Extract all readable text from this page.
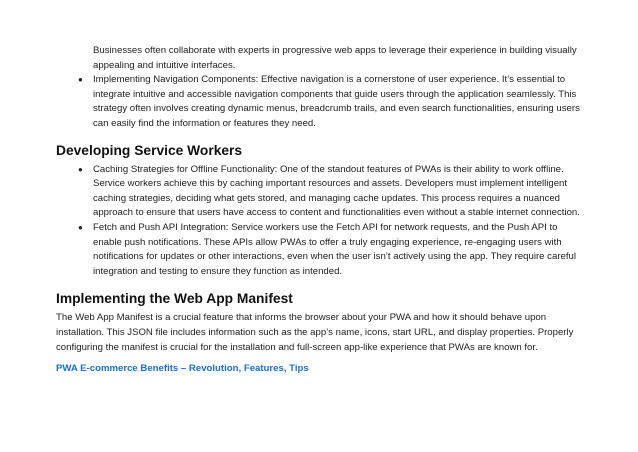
Businesses often collaborate with experts in progressive web apps to leverage their experience in building visually appealing and intuitive interfaces.
● Implementing Navigation Components: Effective navigation is a cornerstone of user experience. It’s essential to integrate intuitive and accessible navigation components that guide users through the application seamlessly. This strategy often involves creating dynamic menus, breadcrumb trails, and even search functionalities, ensuring users can easily find the information or features they need.
Developing Service Workers
● Caching Strategies for Offline Functionality: One of the standout features of PWAs is their ability to work offline. Service workers achieve this by caching important resources and assets. Developers must implement intelligent caching strategies, deciding what gets stored, and managing cache updates. This process requires a nuanced approach to ensure that users have access to content and functionalities even without a stable internet connection.
● Fetch and Push API Integration: Service workers use the Fetch API for network requests, and the Push API to enable push notifications. These APIs allow PWAs to offer a truly engaging experience, re-engaging users with notifications for updates or other interactions, even when the user isn’t actively using the app. They require careful integration and testing to ensure they function as intended.
Implementing the Web App Manifest

The Web App Manifest is a crucial feature that informs the browser about your PWA and how it should behave upon installation. This JSON file includes information such as the app’s name, icons, start URL, and display properties. Properly configuring the manifest is crucial for the installation and full-screen app-like experience that PWAs are known for.

PWA E-commerce Benefits – Revolution, Features, Tips
